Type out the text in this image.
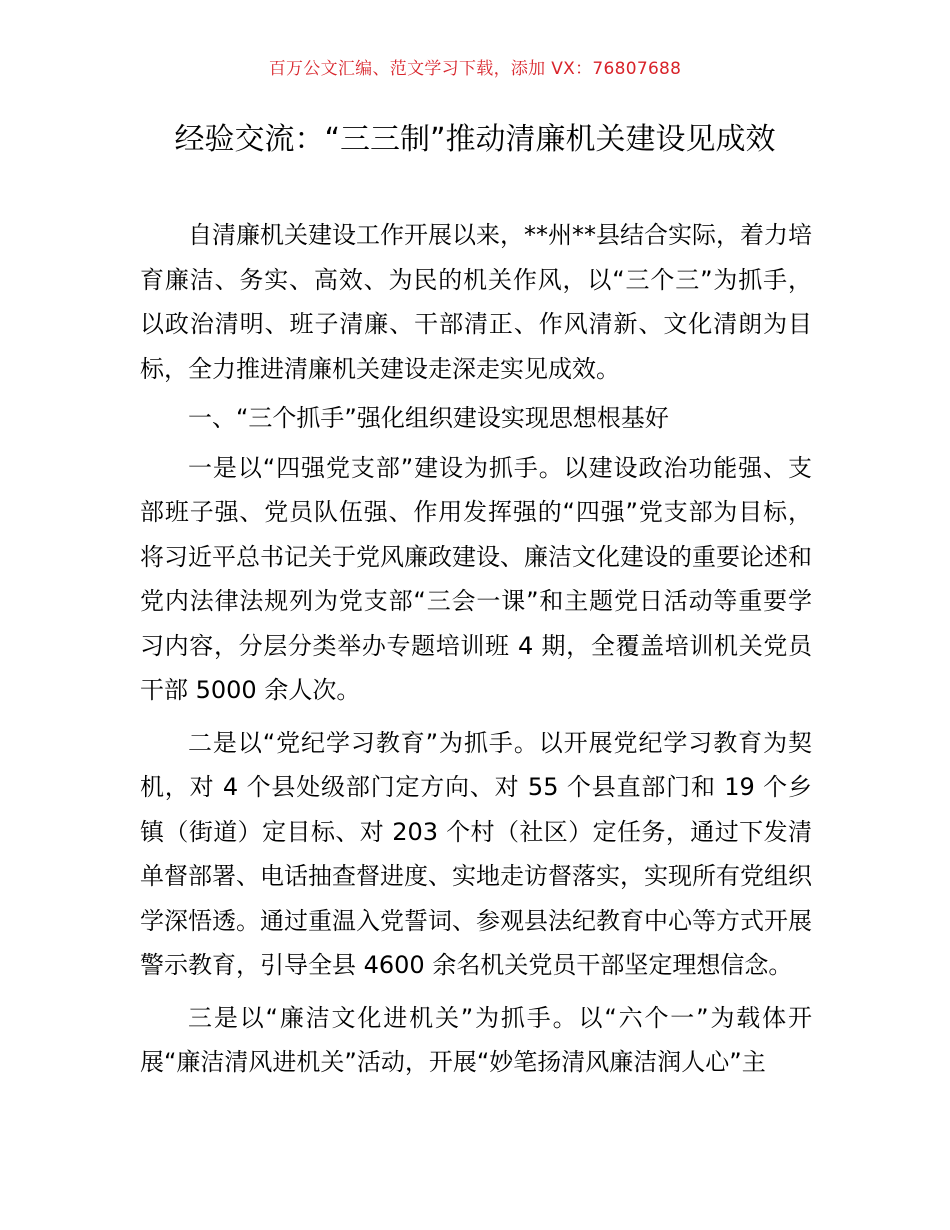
百万公文汇编、范文学习下载，添加 VX：76807688
经验交流：“三三制”推动清廉机关建设见成效

自清廉机关建设工作开展以来，**州**县结合实际，着力培育廉洁、务实、高效、为民的机关作风，以“三个三”为抓手，以政治清明、班子清廉、干部清正、作风清新、文化清朗为目标，全力推进清廉机关建设走深走实见成效。

一、“三个抓手”强化组织建设实现思想根基好

一是以“四强党支部”建设为抓手。以建设政治功能强、支部班子强、党员队伍强、作用发挥强的“四强”党支部为目标，将习近平总书记关于党风廉政建设、廉洁文化建设的重要论述和党内法律法规列为党支部“三会一课”和主题党日活动等重要学习内容，分层分类举办专题培训班 4 期，全覆盖培训机关党员干部 5000 余人次。

二是以“党纪学习教育”为抓手。以开展党纪学习教育为契机，对 4 个县处级部门定方向、对 55 个县直部门和 19 个乡镇（街道）定目标、对 203 个村（社区）定任务，通过下发清单督部署、电话抽查督进度、实地走访督落实，实现所有党组织学深悟透。通过重温入党誓词、参观县法纪教育中心等方式开展警示教育，引导全县 4600 余名机关党员干部坚定理想信念。

三是以“廉洁文化进机关”为抓手。以“六个一”为载体开展“廉洁清风进机关”活动，开展“妙笔扬清风廉洁润人心”主
